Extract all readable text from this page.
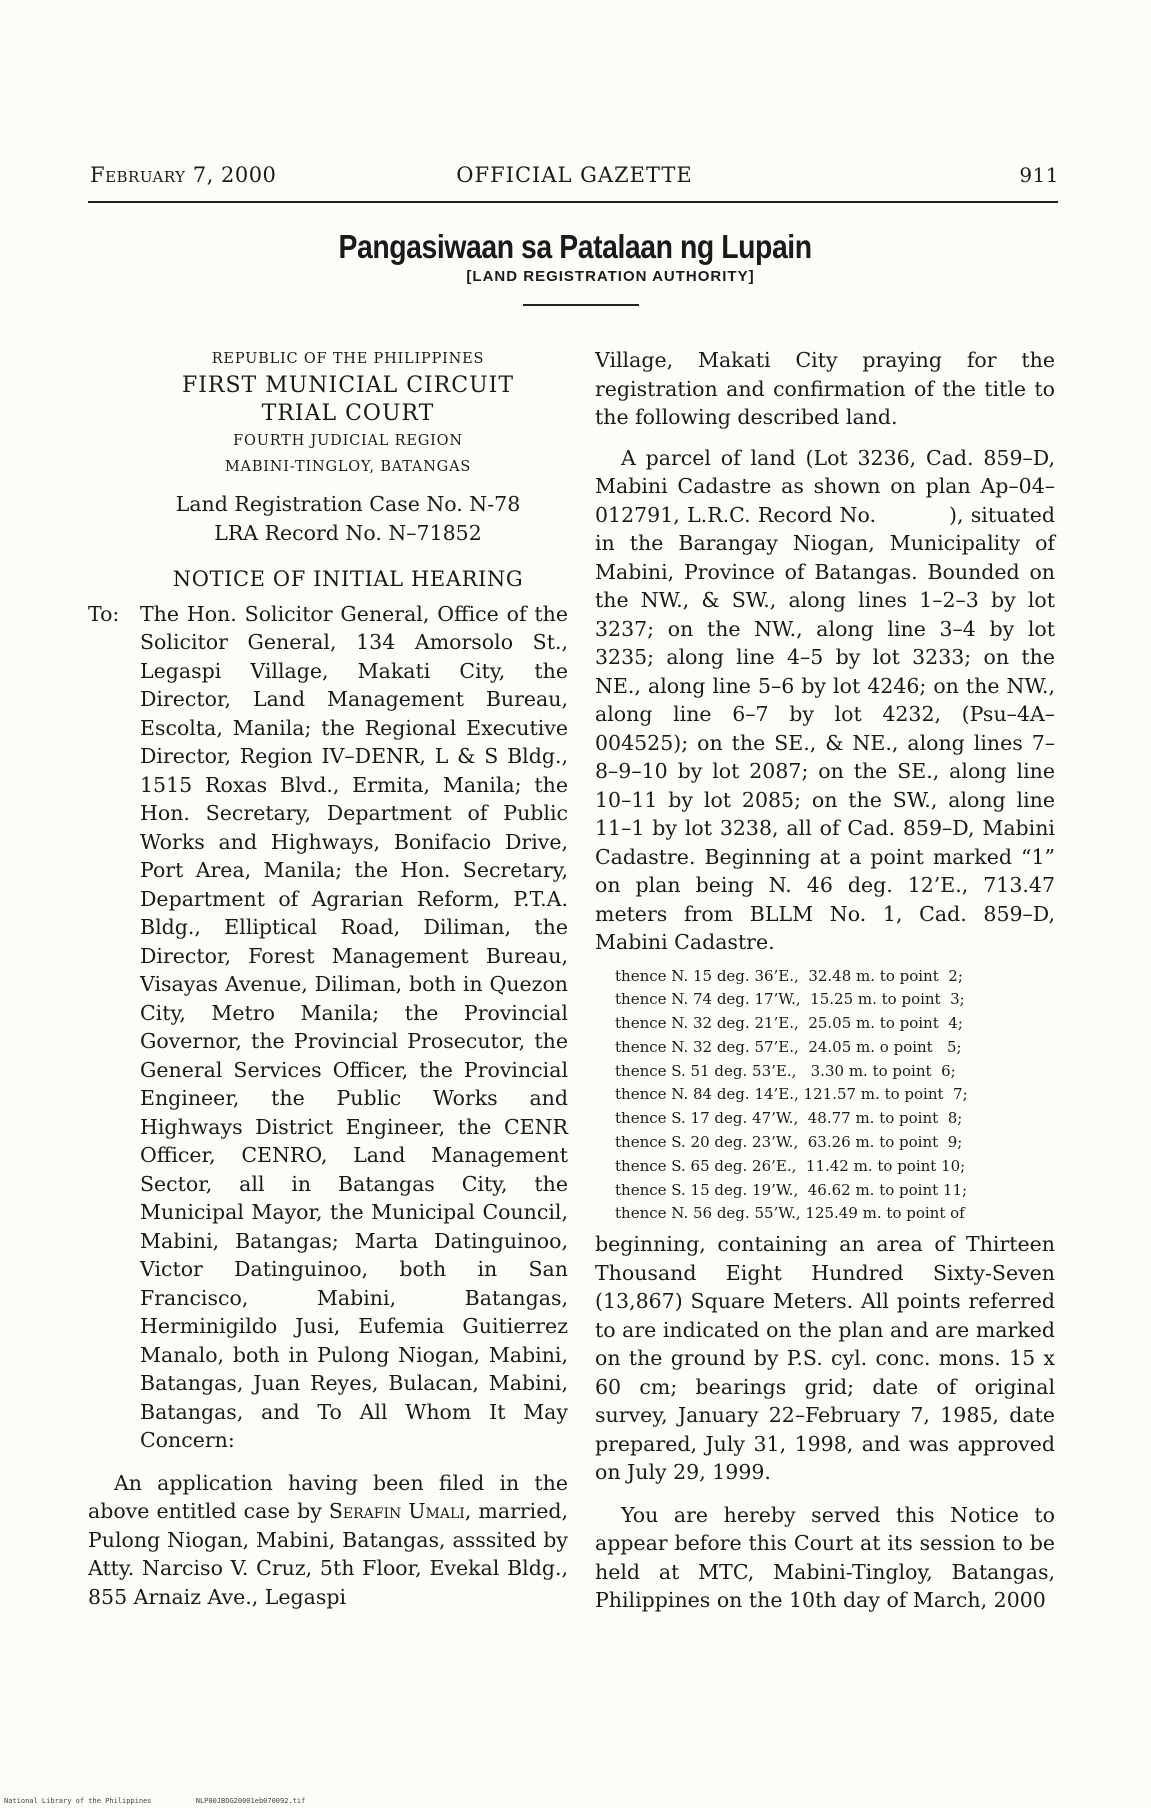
February 7, 2000	OFFICIAL GAZETTE	911
Pangasiwaan sa Patalaan ng Lupain
[LAND REGISTRATION AUTHORITY]
REPUBLIC OF THE PHILIPPINES
FIRST MUNICIAL CIRCUIT
TRIAL COURT
FOURTH JUDICIAL REGION
MABINI-TINGLOY, BATANGAS
Land Registration Case No. N-78
LRA Record No. N–71852
NOTICE OF INITIAL HEARING
To:	The Hon. Solicitor General, Office of the Solicitor General, 134 Amorsolo St., Legaspi Village, Makati City, the Director, Land Management Bureau, Escolta, Manila; the Regional Executive Director, Region IV–DENR, L & S Bldg., 1515 Roxas Blvd., Ermita, Manila; the Hon. Secretary, Department of Public Works and Highways, Bonifacio Drive, Port Area, Manila; the Hon. Secretary, Department of Agrarian Reform, P.T.A. Bldg., Elliptical Road, Diliman, the Director, Forest Management Bureau, Visayas Avenue, Diliman, both in Quezon City, Metro Manila; the Provincial Governor, the Provincial Prosecutor, the General Services Officer, the Provincial Engineer, the Public Works and Highways District Engineer, the CENR Officer, CENRO, Land Management Sector, all in Batangas City, the Municipal Mayor, the Municipal Council, Mabini, Batangas; Marta Datinguinoo, Victor Datinguinoo, both in San Francisco, Mabini, Batangas, Herminigildo Jusi, Eufemia Guitierrez Manalo, both in Pulong Niogan, Mabini, Batangas, Juan Reyes, Bulacan, Mabini, Batangas, and To All Whom It May Concern:

An application having been filed in the above entitled case by Serafin Umali, married, Pulong Niogan, Mabini, Batangas, asssited by Atty. Narciso V. Cruz, 5th Floor, Evekal Bldg., 855 Arnaiz Ave., Legaspi

Village, Makati City praying for the registration and confirmation of the title to the following described land.

A parcel of land (Lot 3236, Cad. 859–D, Mabini Cadastre as shown on plan Ap–04–012791, L.R.C. Record No.          ), situated in the Barangay Niogan, Municipality of Mabini, Province of Batangas. Bounded on the NW., & SW., along lines 1–2–3 by lot 3237; on the NW., along line 3–4 by lot 3235; along line 4–5 by lot 3233; on the NE., along line 5–6 by lot 4246; on the NW., along line 6–7 by lot 4232, (Psu–4A–004525); on the SE., & NE., along lines 7–8–9–10 by lot 2087; on the SE., along line 10–11 by lot 2085; on the SW., along line 11–1 by lot 3238, all of Cad. 859–D, Mabini Cadastre. Beginning at a point marked “1” on plan being N. 46 deg. 12’E., 713.47 meters from BLLM No. 1, Cad. 859–D, Mabini Cadastre.

thence N. 15 deg. 36’E.,  32.48 m. to point  2;
thence N. 74 deg. 17’W.,  15.25 m. to point  3;
thence N. 32 deg. 21’E.,  25.05 m. to point  4;
thence N. 32 deg. 57’E.,  24.05 m. o point   5;
thence S. 51 deg. 53’E.,   3.30 m. to point  6;
thence N. 84 deg. 14’E., 121.57 m. to point  7;
thence S. 17 deg. 47’W.,  48.77 m. to point  8;
thence S. 20 deg. 23’W.,  63.26 m. to point  9;
thence S. 65 deg. 26’E.,  11.42 m. to point 10;
thence S. 15 deg. 19’W.,  46.62 m. to point 11;
thence N. 56 deg. 55’W., 125.49 m. to point of

beginning, containing an area of Thirteen Thousand Eight Hundred Sixty-Seven (13,867) Square Meters. All points referred to are indicated on the plan and are marked on the ground by P.S. cyl. conc. mons. 15 x 60 cm; bearings grid; date of original survey, January 22–February 7, 1985, date prepared, July 31, 1998, and was approved on July 29, 1999.

You are hereby served this Notice to appear before this Court at its session to be held at MTC, Mabini-Tingloy, Batangas, Philippines on the 10th day of March, 2000

National Library of the Philippines	NLP00JBOG20001eb070092.tif
